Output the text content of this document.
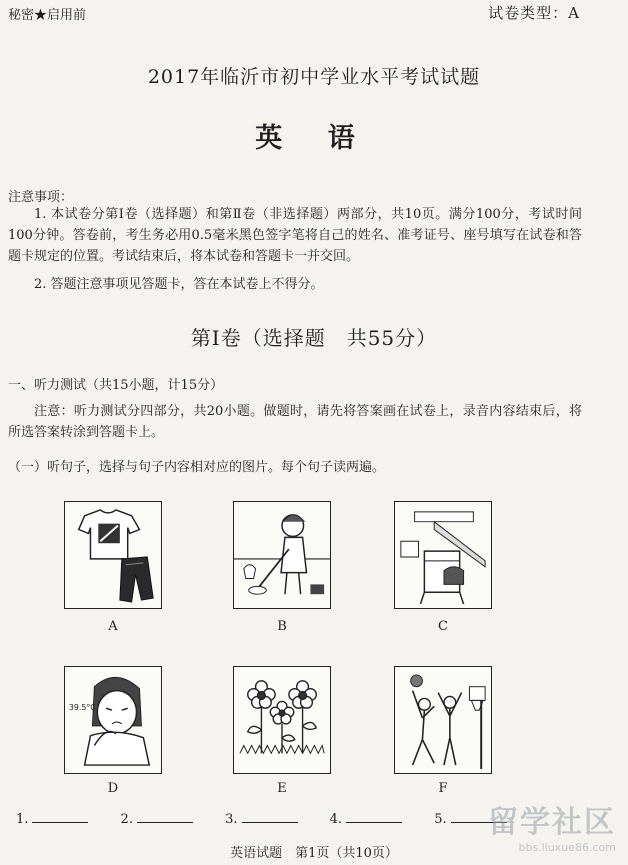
秘密★启用前	试卷类型：A
2017年临沂市初中学业水平考试试题
英 语
注意事项：
1. 本试卷分第Ⅰ卷（选择题）和第Ⅱ卷（非选择题）两部分，共10页。满分100分，考试时间100分钟。答卷前，考生务必用0.5毫米黑色签字笔将自己的姓名、准考证号、座号填写在试卷和答题卡规定的位置。考试结束后，将本试卷和答题卡一并交回。
2. 答题注意事项见答题卡，答在本试卷上不得分。
第Ⅰ卷（选择题　共55分）
一、听力测试（共15小题，计15分）
注意：听力测试分四部分，共20小题。做题时，请先将答案画在试卷上，录音内容结束后，将所选答案转涂到答题卡上。
（一）听句子，选择与句子内容相对应的图片。每个句子读两遍。
A	B	C
39.5°C
D	E	F
1.	2.	3.	4.	5.
英语试题　第1页（共10页）
留学社区
bbs.liuxue86.com
